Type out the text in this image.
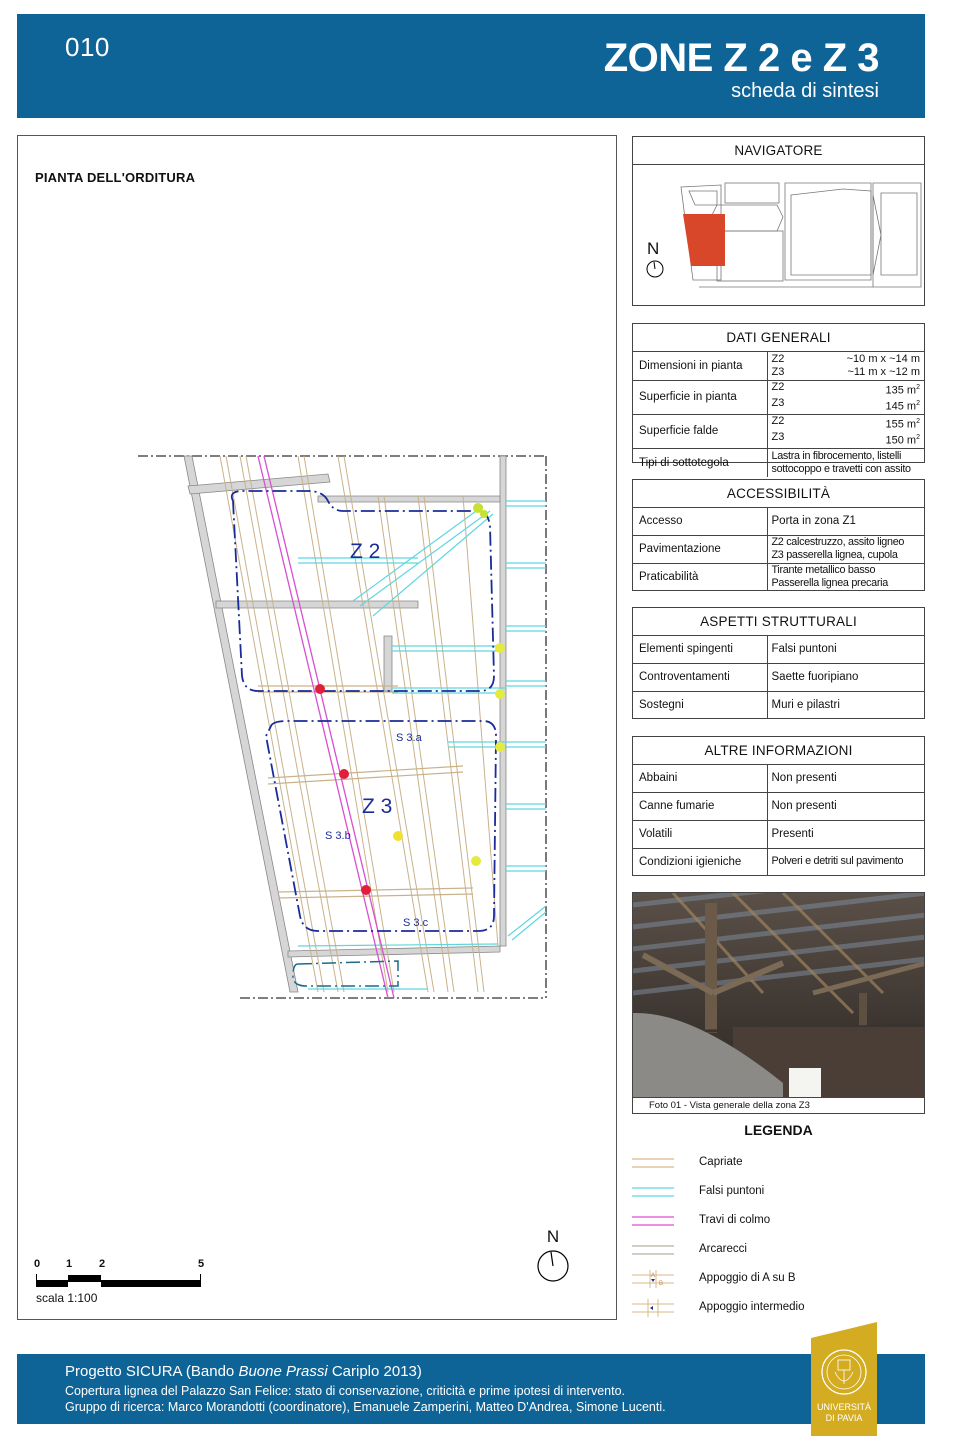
010	ZONE Z 2 e Z 3
scheda di sintesi
PIANTA DELL'ORDITURA
Z 2
Z 3
S 3.a
S 3.b
S 3.c
0 1 2	5
scala 1:100
N
NAVIGATORE
N
DATI GENERALI
Dimensioni in pianta	Z2 ~10 m x ~14 m
Z3 ~11 m x ~12 m

Superficie in pianta	Z2 135 $m^2$
Z3 145 $m^2$

Superficie falde	Z2 155 $m^2$
Z3 150 $m^2$

Tipi di sottotegola	Lastra in fibrocemento, listelli
sottocoppo e travetti con assito
ACCESSIBILITÀ
Accesso	Porta in zona Z1
Pavimentazione	Z2 calcestruzzo, assito ligneo
Z3 passerella lignea, cupola

Praticabilità	Tirante metallico basso
Passerella lignea precaria
ASPETTI STRUTTURALI
Elementi spingenti	Falsi puntoni
Controventamenti	Saette fuoripiano
Sostegni	Muri e pilastri
ALTRE INFORMAZIONI
Abbaini	Non presenti
Canne fumarie	Non presenti
Volatili	Presenti
Condizioni igieniche	Polveri e detriti sul pavimento
Foto 01 - Vista generale della zona Z3
LEGENDA
Capriate
Falsi puntoni
Travi di colmo
Arcarecci
A
B	Appoggio di A su B
Appoggio intermedio
Progetto SICURA (Bando Buone Prassi Cariplo 2013)
Copertura lignea del Palazzo San Felice: stato di conservazione, criticità e prime ipotesi di intervento.
Gruppo di ricerca: Marco Morandotti (coordinatore), Emanuele Zamperini, Matteo D'Andrea, Simone Lucenti.	UNIVERSITÀ
DI PAVIA
